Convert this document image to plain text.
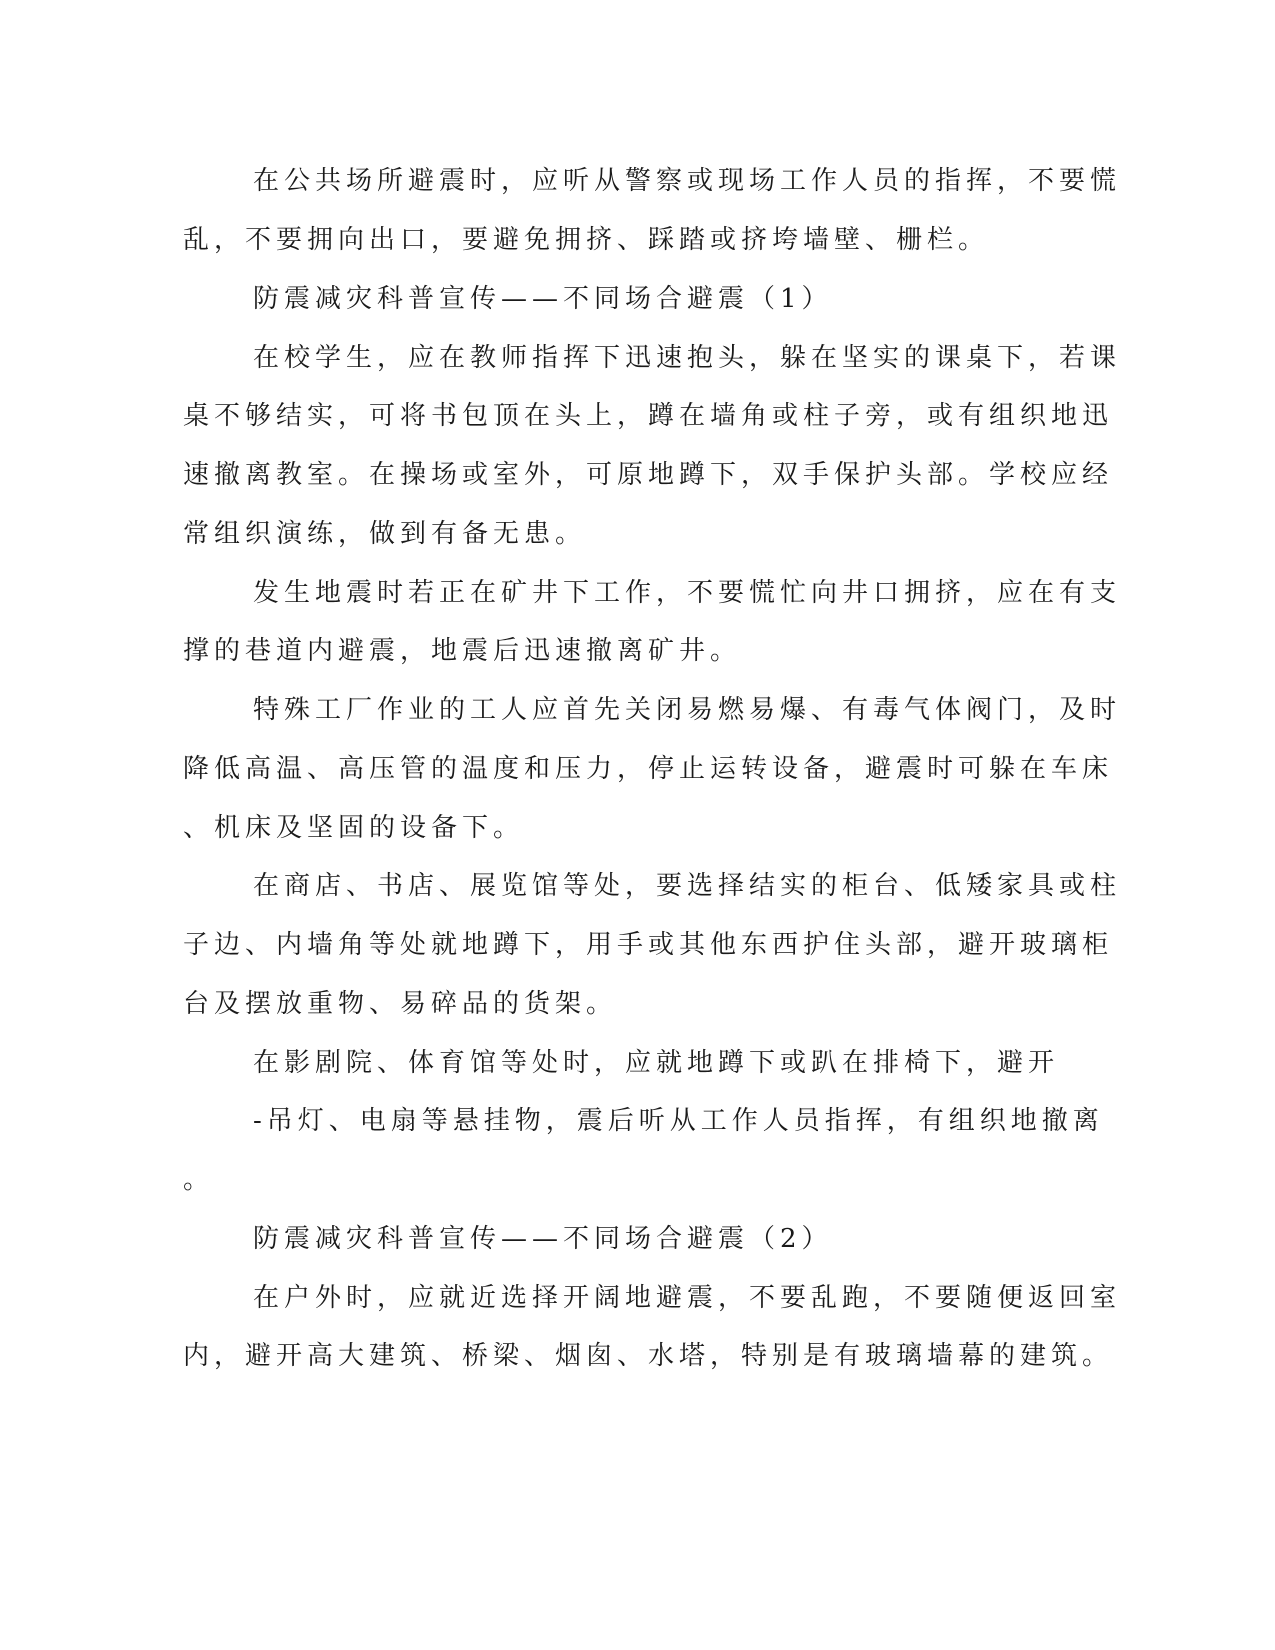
在公共场所避震时，应听从警察或现场工作人员的指挥，不要慌
乱，不要拥向出口，要避免拥挤、踩踏或挤垮墙壁、栅栏。
防震减灾科普宣传——不同场合避震（1）
在校学生，应在教师指挥下迅速抱头，躲在坚实的课桌下，若课
桌不够结实，可将书包顶在头上，蹲在墙角或柱子旁，或有组织地迅
速撤离教室。在操场或室外，可原地蹲下，双手保护头部。学校应经
常组织演练，做到有备无患。
发生地震时若正在矿井下工作，不要慌忙向井口拥挤，应在有支
撑的巷道内避震，地震后迅速撤离矿井。
特殊工厂作业的工人应首先关闭易燃易爆、有毒气体阀门，及时
降低高温、高压管的温度和压力，停止运转设备，避震时可躲在车床
、机床及坚固的设备下。
在商店、书店、展览馆等处，要选择结实的柜台、低矮家具或柱
子边、内墙角等处就地蹲下，用手或其他东西护住头部，避开玻璃柜
台及摆放重物、易碎品的货架。
在影剧院、体育馆等处时，应就地蹲下或趴在排椅下，避开
-吊灯、电扇等悬挂物，震后听从工作人员指挥，有组织地撤离
。
防震减灾科普宣传——不同场合避震（2）
在户外时，应就近选择开阔地避震，不要乱跑，不要随便返回室
内，避开高大建筑、桥梁、烟囱、水塔，特别是有玻璃墙幕的建筑。
